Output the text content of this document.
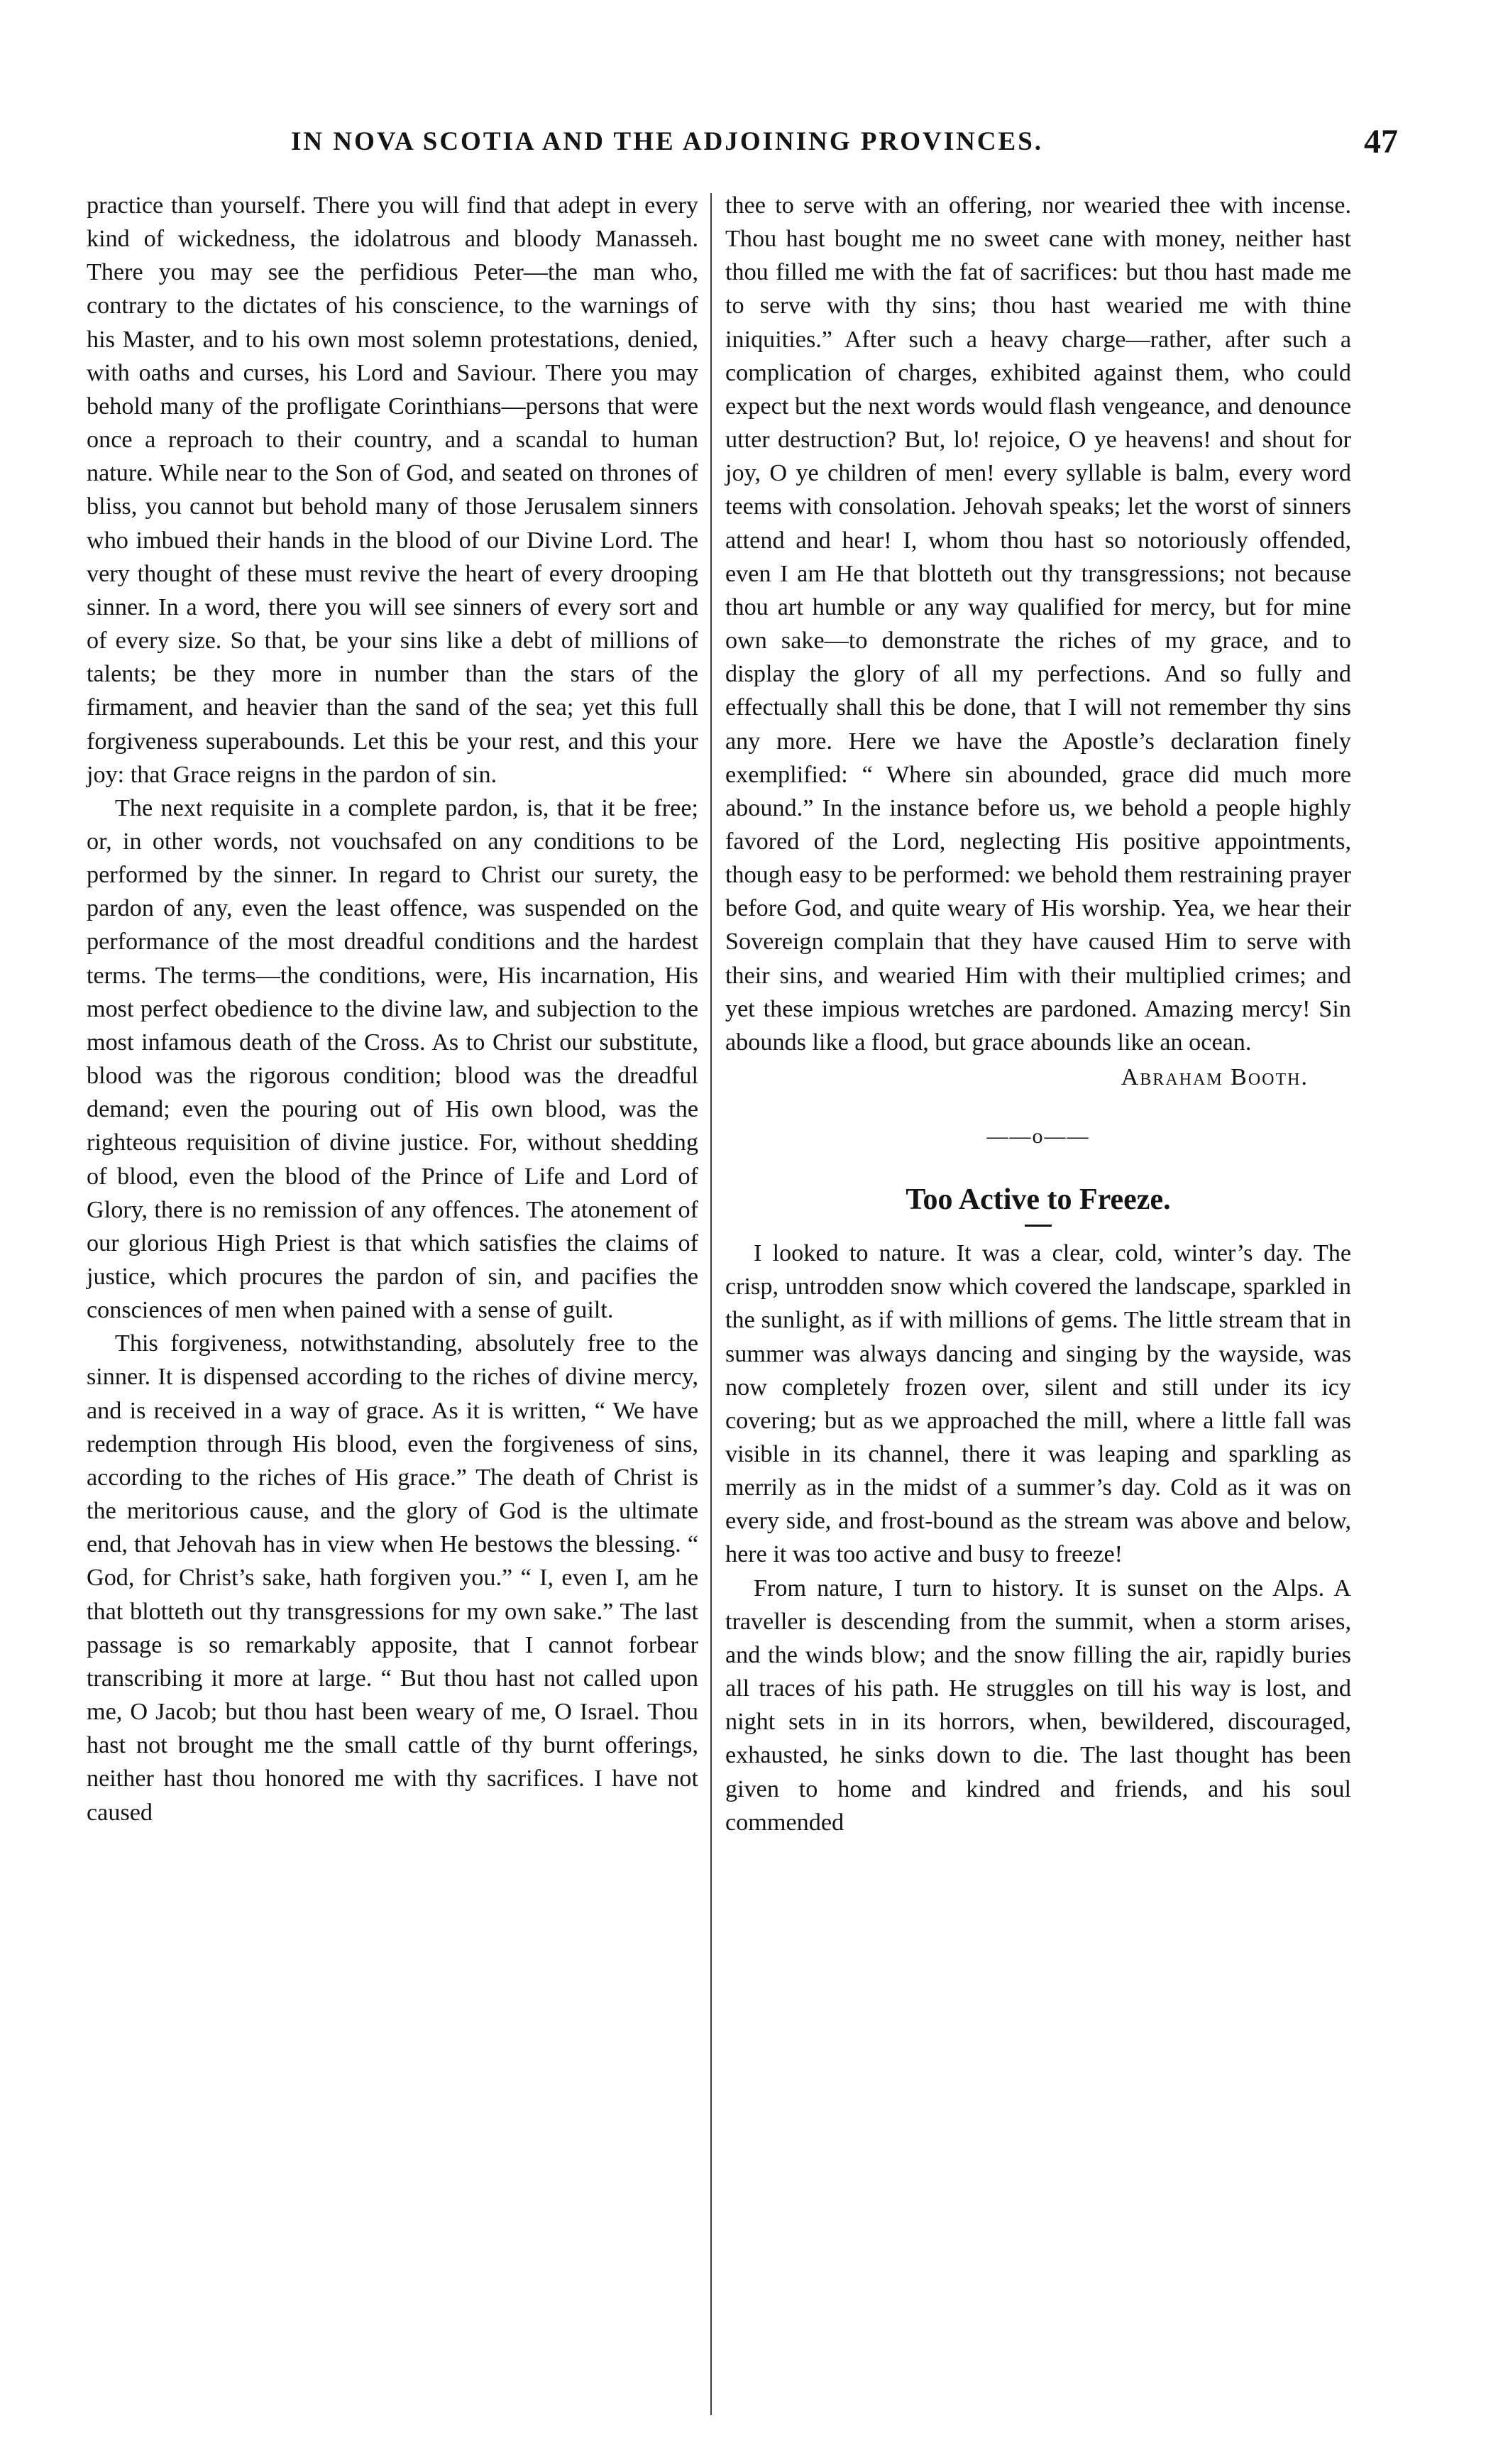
IN NOVA SCOTIA AND THE ADJOINING PROVINCES.	47

practice than yourself. There you will find that adept in every kind of wickedness, the idolatrous and bloody Manasseh. There you may see the perfidious Peter—the man who, contrary to the dictates of his conscience, to the warnings of his Master, and to his own most solemn protestations, denied, with oaths and curses, his Lord and Saviour. There you may behold many of the profligate Corinthians—persons that were once a reproach to their country, and a scandal to human nature. While near to the Son of God, and seated on thrones of bliss, you cannot but behold many of those Jerusalem sinners who imbued their hands in the blood of our Divine Lord. The very thought of these must revive the heart of every drooping sinner. In a word, there you will see sinners of every sort and of every size. So that, be your sins like a debt of millions of talents; be they more in number than the stars of the firmament, and heavier than the sand of the sea; yet this full forgiveness superabounds. Let this be your rest, and this your joy: that Grace reigns in the pardon of sin.

The next requisite in a complete pardon, is, that it be free; or, in other words, not vouchsafed on any conditions to be performed by the sinner. In regard to Christ our surety, the pardon of any, even the least offence, was suspended on the performance of the most dreadful conditions and the hardest terms. The terms—the conditions, were, His incarnation, His most perfect obedience to the divine law, and subjection to the most infamous death of the Cross. As to Christ our substitute, blood was the rigorous condition; blood was the dreadful demand; even the pouring out of His own blood, was the righteous requisition of divine justice. For, without shedding of blood, even the blood of the Prince of Life and Lord of Glory, there is no remission of any offences. The atonement of our glorious High Priest is that which satisfies the claims of justice, which procures the pardon of sin, and pacifies the consciences of men when pained with a sense of guilt.

This forgiveness, notwithstanding, absolutely free to the sinner. It is dispensed according to the riches of divine mercy, and is received in a way of grace. As it is written, “ We have redemption through His blood, even the forgiveness of sins, according to the riches of His grace.” The death of Christ is the meritorious cause, and the glory of God is the ultimate end, that Jehovah has in view when He bestows the blessing. “ God, for Christ’s sake, hath forgiven you.” “ I, even I, am he that blotteth out thy transgressions for my own sake.” The last passage is so remarkably apposite, that I cannot forbear transcribing it more at large. “ But thou hast not called upon me, O Jacob; but thou hast been weary of me, O Israel. Thou hast not brought me the small cattle of thy burnt offerings, neither hast thou honored me with thy sacrifices. I have not caused

thee to serve with an offering, nor wearied thee with incense. Thou hast bought me no sweet cane with money, neither hast thou filled me with the fat of sacrifices: but thou hast made me to serve with thy sins; thou hast wearied me with thine iniquities.” After such a heavy charge—rather, after such a complication of charges, exhibited against them, who could expect but the next words would flash vengeance, and denounce utter destruction? But, lo! rejoice, O ye heavens! and shout for joy, O ye children of men! every syllable is balm, every word teems with consolation. Jehovah speaks; let the worst of sinners attend and hear! I, whom thou hast so notoriously offended, even I am He that blotteth out thy transgressions; not because thou art humble or any way qualified for mercy, but for mine own sake—to demonstrate the riches of my grace, and to display the glory of all my perfections. And so fully and effectually shall this be done, that I will not remember thy sins any more. Here we have the Apostle’s declaration finely exemplified: “ Where sin abounded, grace did much more abound.” In the instance before us, we behold a people highly favored of the Lord, neglecting His positive appointments, though easy to be performed: we behold them restraining prayer before God, and quite weary of His worship. Yea, we hear their Sovereign complain that they have caused Him to serve with their sins, and wearied Him with their multiplied crimes; and yet these impious wretches are pardoned. Amazing mercy! Sin abounds like a flood, but grace abounds like an ocean.

Abraham Booth.
——o——
Too Active to Freeze.

I looked to nature. It was a clear, cold, winter’s day. The crisp, untrodden snow which covered the landscape, sparkled in the sunlight, as if with millions of gems. The little stream that in summer was always dancing and singing by the wayside, was now completely frozen over, silent and still under its icy covering; but as we approached the mill, where a little fall was visible in its channel, there it was leaping and sparkling as merrily as in the midst of a summer’s day. Cold as it was on every side, and frost-bound as the stream was above and below, here it was too active and busy to freeze!

From nature, I turn to history. It is sunset on the Alps. A traveller is descending from the summit, when a storm arises, and the winds blow; and the snow filling the air, rapidly buries all traces of his path. He struggles on till his way is lost, and night sets in in its horrors, when, bewildered, discouraged, exhausted, he sinks down to die. The last thought has been given to home and kindred and friends, and his soul commended
